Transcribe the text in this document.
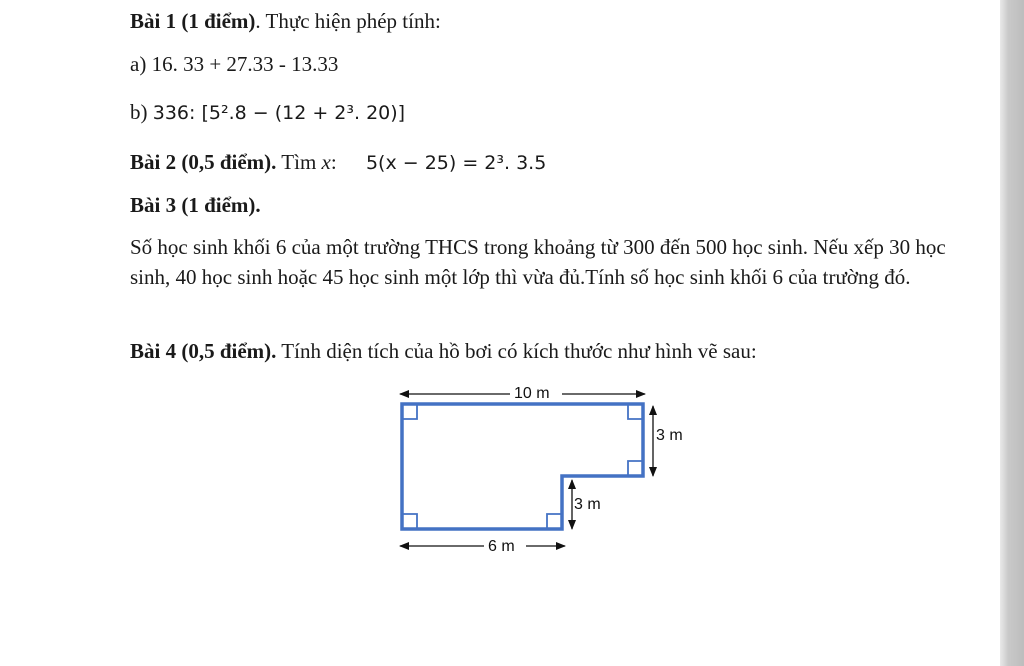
Bài 1 (1 điểm). Thực hiện phép tính:
a) 16. 33 + 27.33 - 13.33
b) 336: [5².8 − (12 + 2³. 20)]
Bài 2 (0,5 điểm). Tìm x: 5(x − 25) = 2³. 3.5
Bài 3 (1 điểm).
Số học sinh khối 6 của một trường THCS trong khoảng từ 300 đến 500 học sinh. Nếu xếp 30 học sinh, 40 học sinh hoặc 45 học sinh một lớp thì vừa đủ.Tính số học sinh khối 6 của trường đó.
Bài 4 (0,5 điểm). Tính diện tích của hồ bơi có kích thước như hình vẽ sau:
10 m
3 m
3 m
6 m
